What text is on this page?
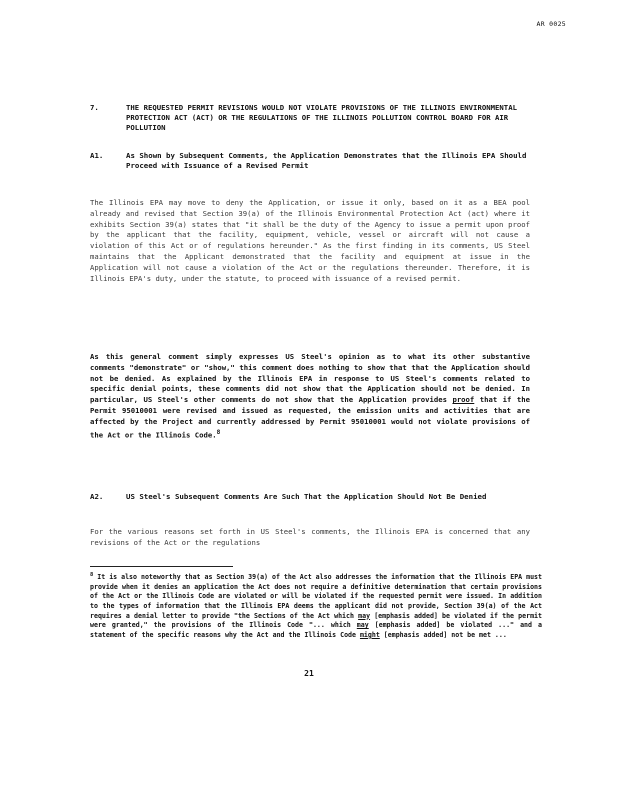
AR 0025
7.	THE REQUESTED PERMIT REVISIONS WOULD NOT VIOLATE PROVISIONS OF THE ILLINOIS ENVIRONMENTAL PROTECTION ACT (ACT) OR THE REGULATIONS OF THE ILLINOIS POLLUTION CONTROL BOARD FOR AIR POLLUTION
A1.	As Shown by Subsequent Comments, the Application Demonstrates that the Illinois EPA Should Proceed with Issuance of a Revised Permit
The Illinois EPA may move to deny the Application, or issue it only, based on it as a BEA pool already and revised that Section 39(a) of the Illinois Environmental Protection Act (act) where it exhibits Section 39(a) states that "it shall be the duty of the Agency to issue a permit upon proof by the applicant that the facility, equipment, vehicle, vessel or aircraft will not cause a violation of this Act or of regulations hereunder." As the first finding in its comments, US Steel maintains that the Applicant demonstrated that the facility and equipment at issue in the Application will not cause a violation of the Act or the regulations thereunder. Therefore, it is Illinois EPA's duty, under the statute, to proceed with issuance of a revised permit.
As this general comment simply expresses US Steel's opinion as to what its other substantive comments "demonstrate" or "show," this comment does nothing to show that that the Application should not be denied. As explained by the Illinois EPA in response to US Steel's comments related to specific denial points, these comments did not show that the Application should not be denied. In particular, US Steel's other comments do not show that the Application provides proof that if the Permit 95010001 were revised and issued as requested, the emission units and activities that are affected by the Project and currently addressed by Permit 95010001 would not violate provisions of the Act or the Illinois Code.$^8$
A2.	US Steel's Subsequent Comments Are Such That the Application Should Not Be Denied
For the various reasons set forth in US Steel's comments, the Illinois EPA is concerned that any revisions of the Act or the regulations
$^8$ It is also noteworthy that as Section 39(a) of the Act also addresses the information that the Illinois EPA must provide when it denies an application the Act does not require a definitive determination that certain provisions of the Act or the Illinois Code are violated or will be violated if the requested permit were issued. In addition to the types of information that the Illinois EPA deems the applicant did not provide, Section 39(a) of the Act requires a denial letter to provide "the Sections of the Act which may [emphasis added] be violated if the permit were granted," the provisions of the Illinois Code "... which may [emphasis added] be violated ..." and a statement of the specific reasons why the Act and the Illinois Code might [emphasis added] not be met ...
21
